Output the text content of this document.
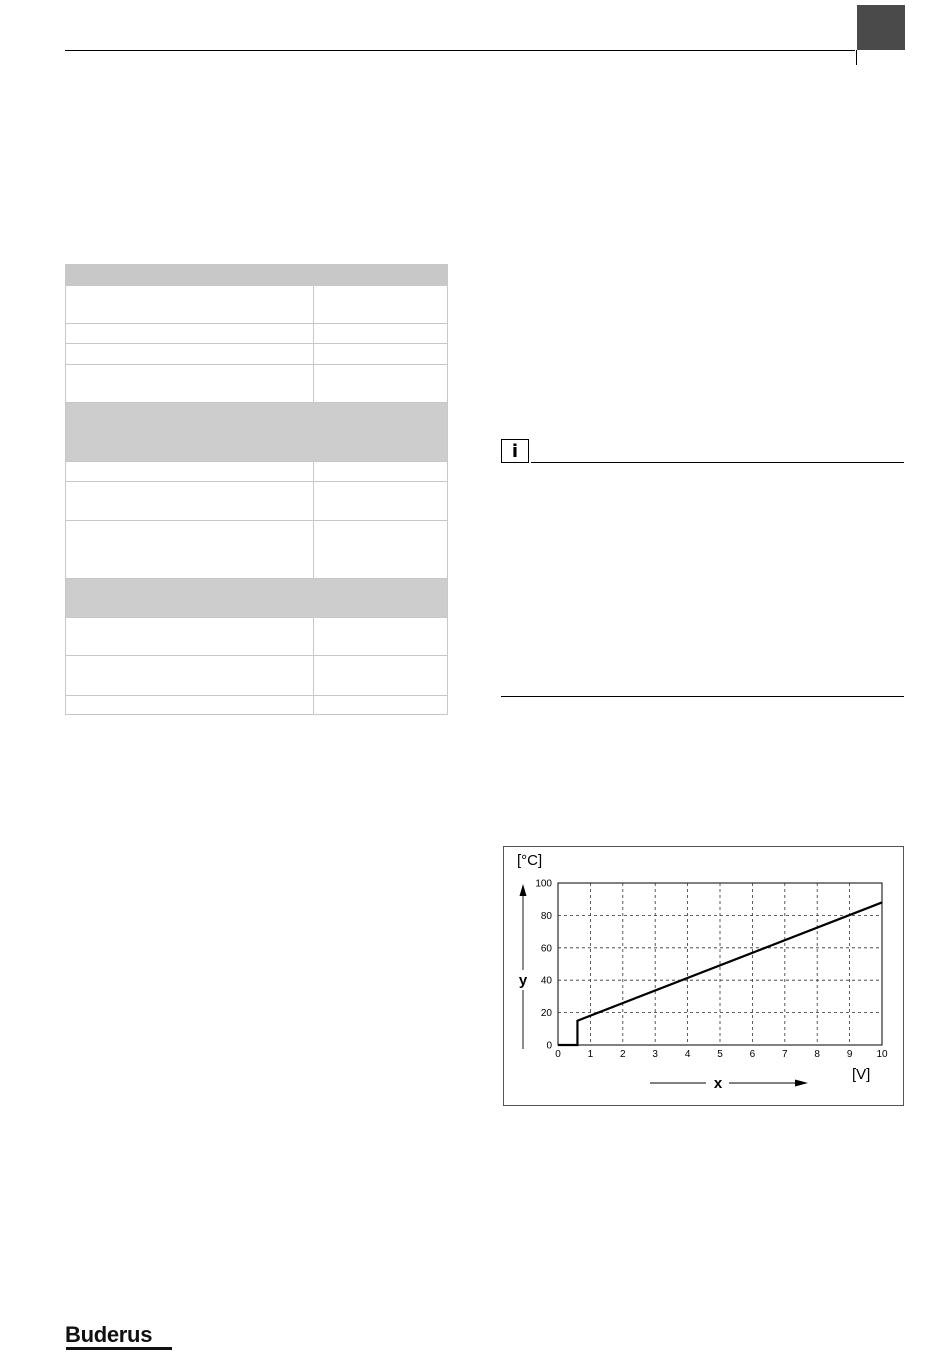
i
0	1	2	3	4	5	6	7	8	9 10
0
20
40
60
80
100
y
[°C]
x
[V]
Buderus
